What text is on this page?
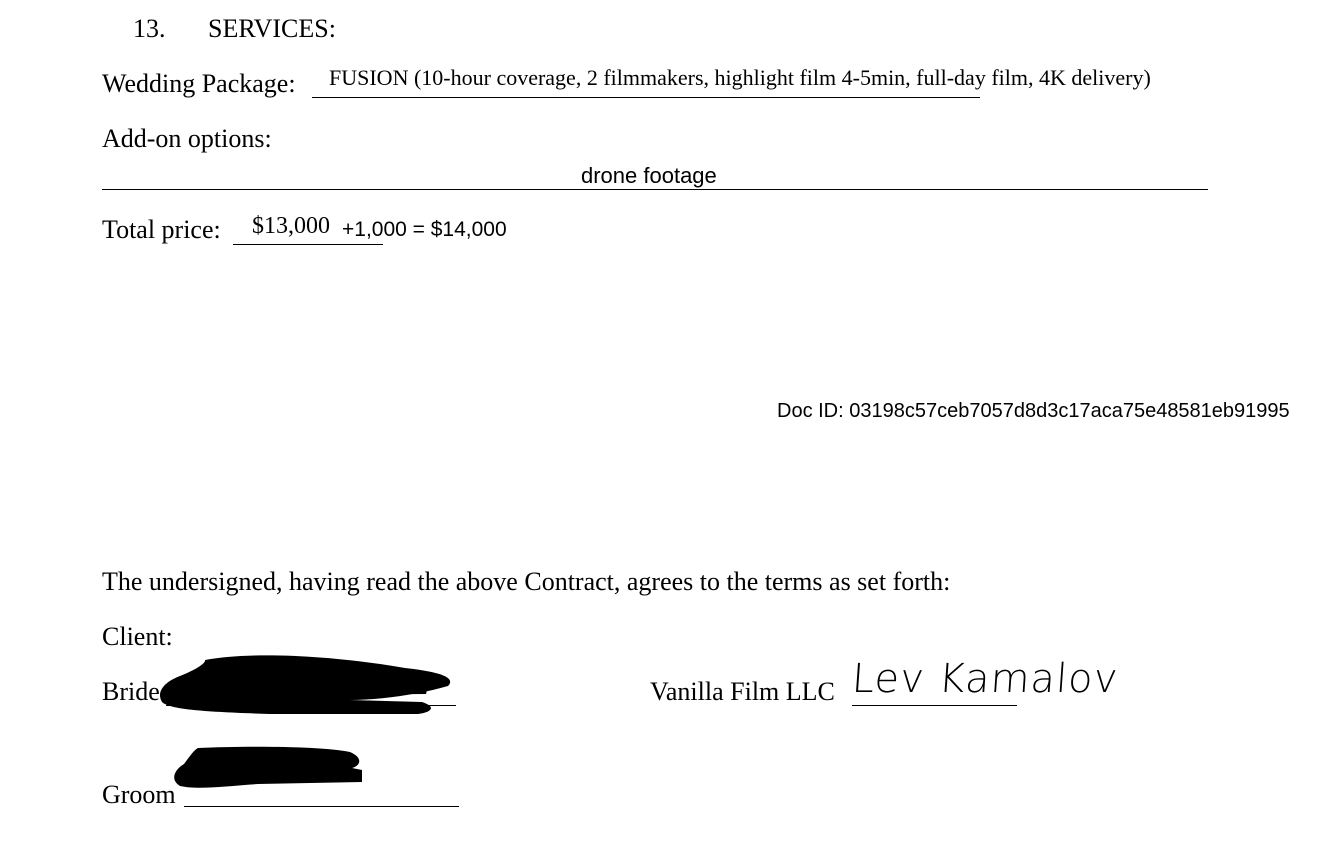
13. SERVICES:
Wedding Package: FUSION (10-hour coverage, 2 filmmakers, highlight film 4-5min, full-day film, 4K delivery)
Add-on options:
drone footage
Total price: $13,000 +1,000 = $14,000
Doc ID: 03198c57ceb7057d8d3c17aca75e48581eb91995
The undersigned, having read the above Contract, agrees to the terms as set forth:
Client:
Bride
Groom
Vanilla Film LLC Lev Kamalov
